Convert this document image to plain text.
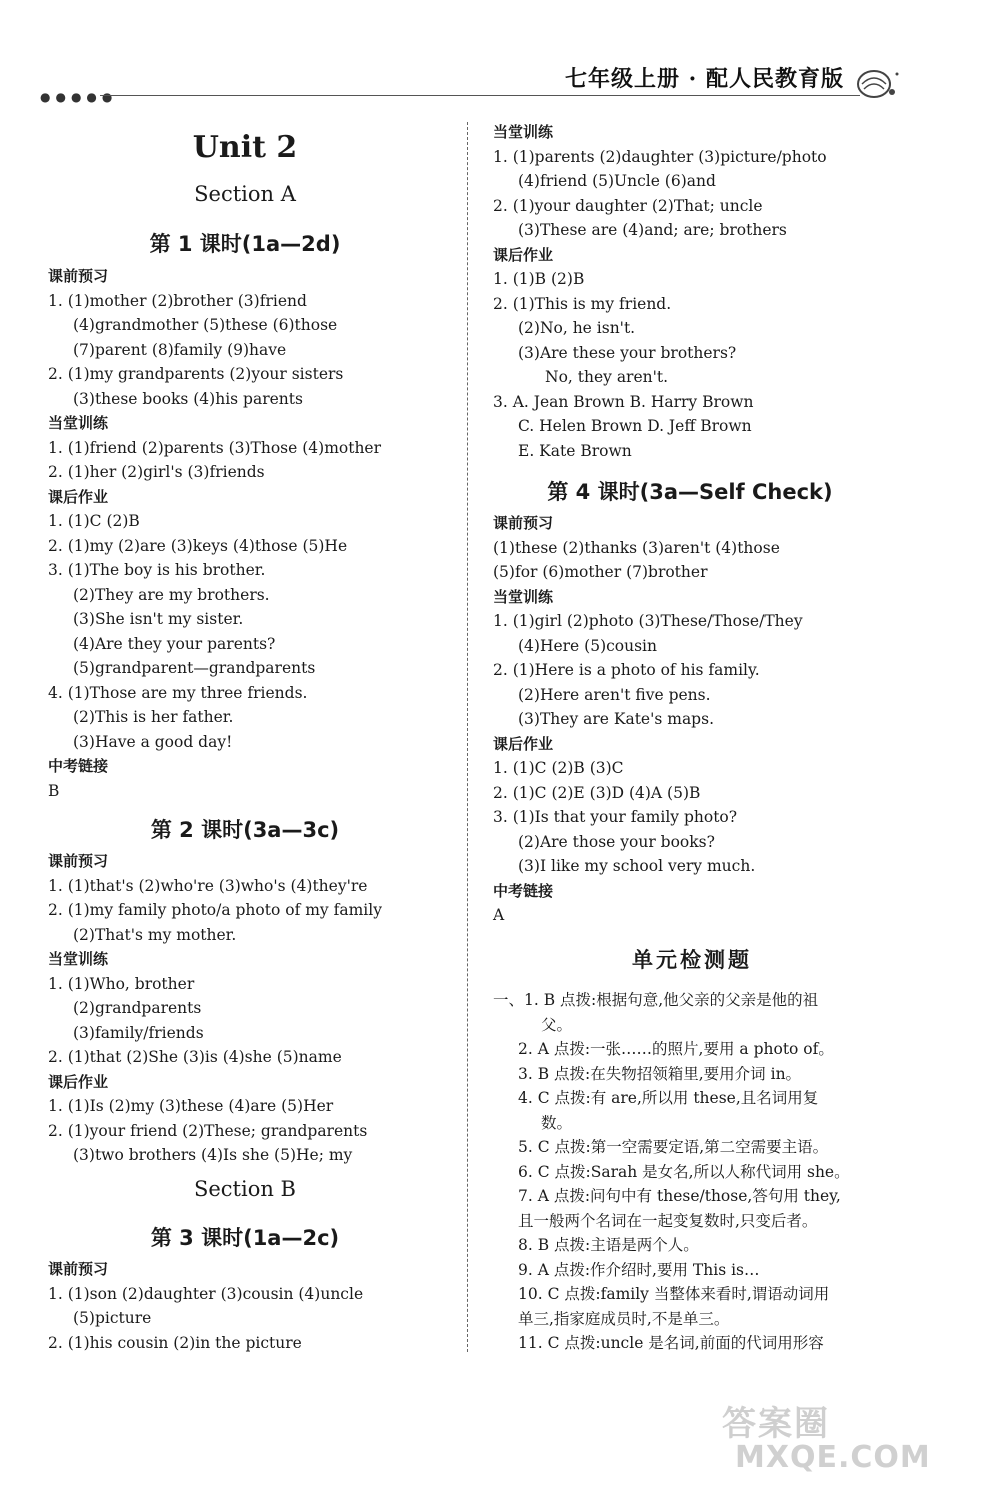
●●●●●
七年级上册 · 配人民教育版
Unit 2
Section A
第 1 课时(1a—2d)
课前预习
1. (1)mother (2)brother (3)friend
(4)grandmother (5)these (6)those
(7)parent (8)family (9)have
2. (1)my grandparents (2)your sisters
(3)these books (4)his parents
当堂训练
1. (1)friend (2)parents (3)Those (4)mother
2. (1)her (2)girl's (3)friends
课后作业
1. (1)C (2)B
2. (1)my (2)are (3)keys (4)those (5)He
3. (1)The boy is his brother.
(2)They are my brothers.
(3)She isn't my sister.
(4)Are they your parents?
(5)grandparent—grandparents
4. (1)Those are my three friends.
(2)This is her father.
(3)Have a good day!
中考链接
B
第 2 课时(3a—3c)
课前预习
1. (1)that's (2)who're (3)who's (4)they're
2. (1)my family photo/a photo of my family
(2)That's my mother.
当堂训练
1. (1)Who, brother
(2)grandparents
(3)family/friends
2. (1)that (2)She (3)is (4)she (5)name
课后作业
1. (1)Is (2)my (3)these (4)are (5)Her
2. (1)your friend (2)These; grandparents
(3)two brothers (4)Is she (5)He; my
Section B
第 3 课时(1a—2c)
课前预习
1. (1)son (2)daughter (3)cousin (4)uncle
(5)picture
2. (1)his cousin (2)in the picture
当堂训练
1. (1)parents (2)daughter (3)picture/photo
(4)friend (5)Uncle (6)and
2. (1)your daughter (2)That; uncle
(3)These are (4)and; are; brothers
课后作业
1. (1)B (2)B
2. (1)This is my friend.
(2)No, he isn't.
(3)Are these your brothers?
No, they aren't.
3. A. Jean Brown B. Harry Brown
C. Helen Brown D. Jeff Brown
E. Kate Brown
第 4 课时(3a—Self Check)
课前预习
(1)these (2)thanks (3)aren't (4)those
(5)for (6)mother (7)brother
当堂训练
1. (1)girl (2)photo (3)These/Those/They
(4)Here (5)cousin
2. (1)Here is a photo of his family.
(2)Here aren't five pens.
(3)They are Kate's maps.
课后作业
1. (1)C (2)B (3)C
2. (1)C (2)E (3)D (4)A (5)B
3. (1)Is that your family photo?
(2)Are those your books?
(3)I like my school very much.
中考链接
A
单元检测题
一、1. B 点拨:根据句意,他父亲的父亲是他的祖
父。
2. A 点拨:一张……的照片,要用 a photo of。
3. B 点拨:在失物招领箱里,要用介词 in。
4. C 点拨:有 are,所以用 these,且名词用复
数。
5. C 点拨:第一空需要定语,第二空需要主语。
6. C 点拨:Sarah 是女名,所以人称代词用 she。
7. A 点拨:问句中有 these/those,答句用 they,
且一般两个名词在一起变复数时,只变后者。
8. B 点拨:主语是两个人。
9. A 点拨:作介绍时,要用 This is…
10. C 点拨:family 当整体来看时,谓语动词用
单三,指家庭成员时,不是单三。
11. C 点拨:uncle 是名词,前面的代词用形容
答案圈
MXQE.COM
